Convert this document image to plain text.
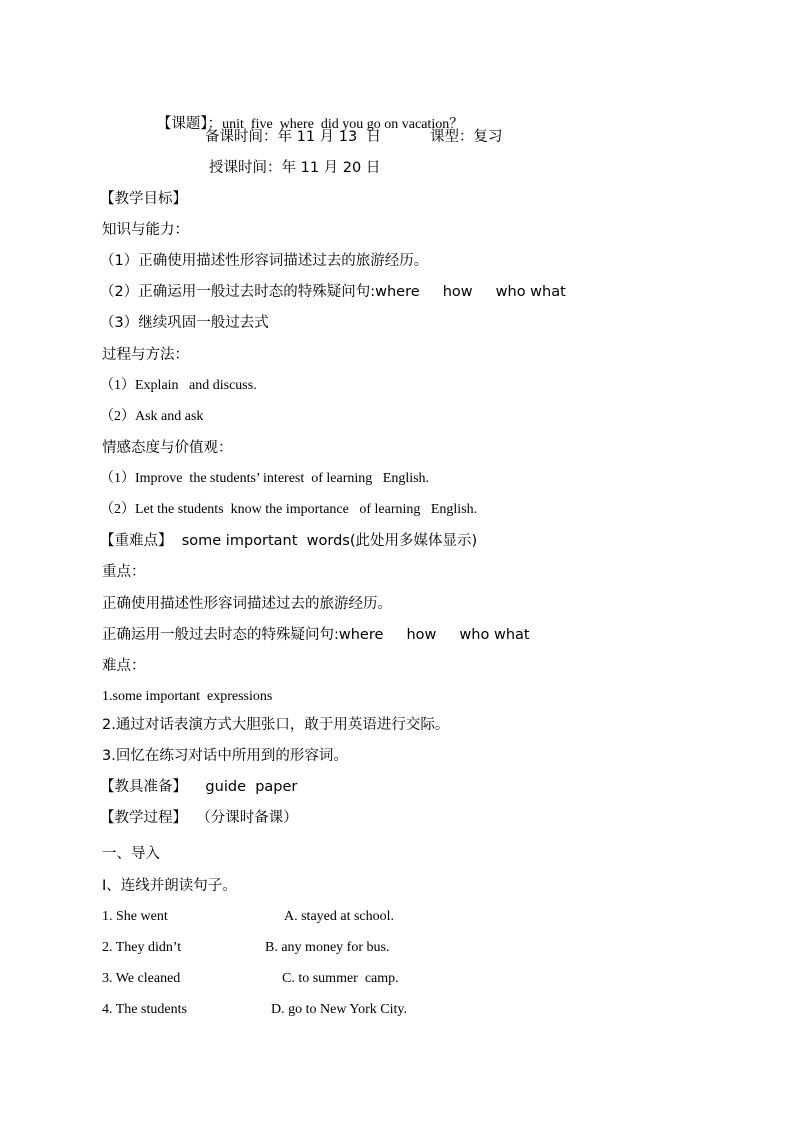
【课题】：unit  five  where  did you go on vacation？

备课时间：年 11 月 13  日	课型：复习
授课时间：年 11 月 20 日
【教学目标】
知识与能力：
（1）正确使用描述性形容词描述过去的旅游经历。
（2）正确运用一般过去时态的特殊疑问句:where     how     who what
（3）继续巩固一般过去式
过程与方法：
（1）Explain   and discuss.
（2）Ask and ask
情感态度与价值观：
（1）Improve  the students’ interest  of learning   English.
（2）Let the students  know the importance   of learning   English.
【重难点】  some important  words(此处用多媒体显示)
重点：
正确使用描述性形容词描述过去的旅游经历。
正确运用一般过去时态的特殊疑问句:where     how     who what
难点：
1.some important  expressions
2.通过对话表演方式大胆张口，敢于用英语进行交际。
3.回忆在练习对话中所用到的形容词。
【教具准备】    guide  paper
【教学过程】  （分课时备课）
一、导入
I、连线并朗读句子。
1. She went	A. stayed at school.
2. They didn’t	B. any money for bus.
3. We cleaned	C. to summer  camp.
4. The students	D. go to New York City.
